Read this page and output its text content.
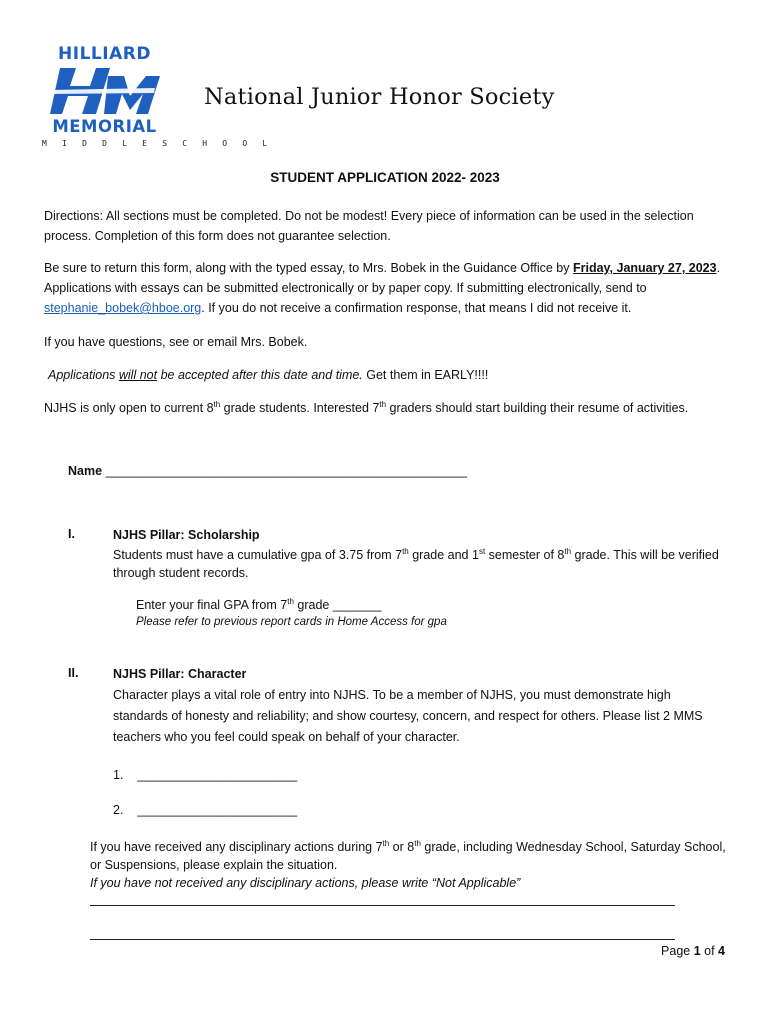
HILLIARD
MEMORIAL
M I D D L E S C H O O L
National Junior Honor Society
STUDENT APPLICATION 2022- 2023
Directions: All sections must be completed. Do not be modest! Every piece of information can be used in the selection
process. Completion of this form does not guarantee selection.
Be sure to return this form, along with the typed essay, to Mrs. Bobek in the Guidance Office by Friday, January 27, 2023.
Applications with essays can be submitted electronically or by paper copy. If submitting electronically, send to
stephanie_bobek@hboe.org. If you do not receive a confirmation response, that means I did not receive it.
If you have questions, see or email Mrs. Bobek.
Applications will not be accepted after this date and time. Get them in EARLY!!!!
NJHS is only open to current 8th grade students. Interested 7th graders should start building their resume of activities.
Name ____________________________________________________
I.	NJHS Pillar: Scholarship
Students must have a cumulative gpa of 3.75 from 7th grade and 1st semester of 8th grade. This will be verified
through student records.
Enter your final GPA from 7th grade _______
Please refer to previous report cards in Home Access for gpa
II.	NJHS Pillar: Character
Character plays a vital role of entry into NJHS. To be a member of NJHS, you must demonstrate high
standards of honesty and reliability; and show courtesy, concern, and respect for others. Please list 2 MMS
teachers who you feel could speak on behalf of your character.
1. _______________________
2. _______________________
If you have received any disciplinary actions during 7th or 8th grade, including Wednesday School, Saturday School,
or Suspensions, please explain the situation.
If you have not received any disciplinary actions, please write “Not Applicable”
Page 1 of 4
